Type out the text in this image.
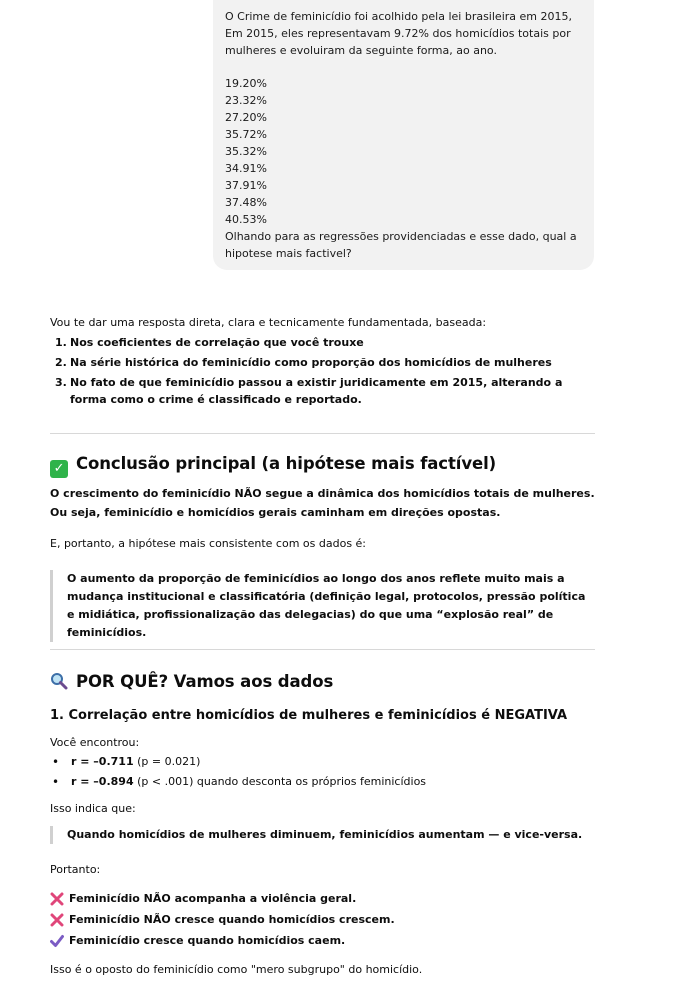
O Crime de feminicídio foi acolhido pela lei brasileira em 2015, Em 2015, eles representavam 9.72% dos homicídios totais por mulheres e evoluiram da seguinte forma, ao ano.
19.20%
23.32%
27.20%
35.72%
35.32%
34.91%
37.91%
37.48%
40.53%
Olhando para as regressões providenciadas e esse dado, qual a hipotese mais factivel?
Vou te dar uma resposta direta, clara e tecnicamente fundamentada, baseada:
1. Nos coeficientes de correlação que você trouxe
2. Na série histórica do feminicídio como proporção dos homicídios de mulheres
3. No fato de que feminicídio passou a existir juridicamente em 2015, alterando a forma como o crime é classificado e reportado.
✓ Conclusão principal (a hipótese mais factível)
O crescimento do feminicídio NÃO segue a dinâmica dos homicídios totais de mulheres.
Ou seja, feminicídio e homicídios gerais caminham em direções opostas.
E, portanto, a hipótese mais consistente com os dados é:
O aumento da proporção de feminicídios ao longo dos anos reflete muito mais a mudança institucional e classificatória (definição legal, protocolos, pressão política e midiática, profissionalização das delegacias) do que uma “explosão real” de feminicídios.
POR QUÊ? Vamos aos dados
1. Correlação entre homicídios de mulheres e feminicídios é NEGATIVA
Você encontrou:
• r = –0.711 (p = 0.021)
• r = –0.894 (p < .001) quando desconta os próprios feminicídios
Isso indica que:
Quando homicídios de mulheres diminuem, feminicídios aumentam — e vice-versa.
Portanto:
Feminicídio NÃO acompanha a violência geral.
Feminicídio NÃO cresce quando homicídios crescem.
Feminicídio cresce quando homicídios caem.
Isso é o oposto do feminicídio como "mero subgrupo" do homicídio.
